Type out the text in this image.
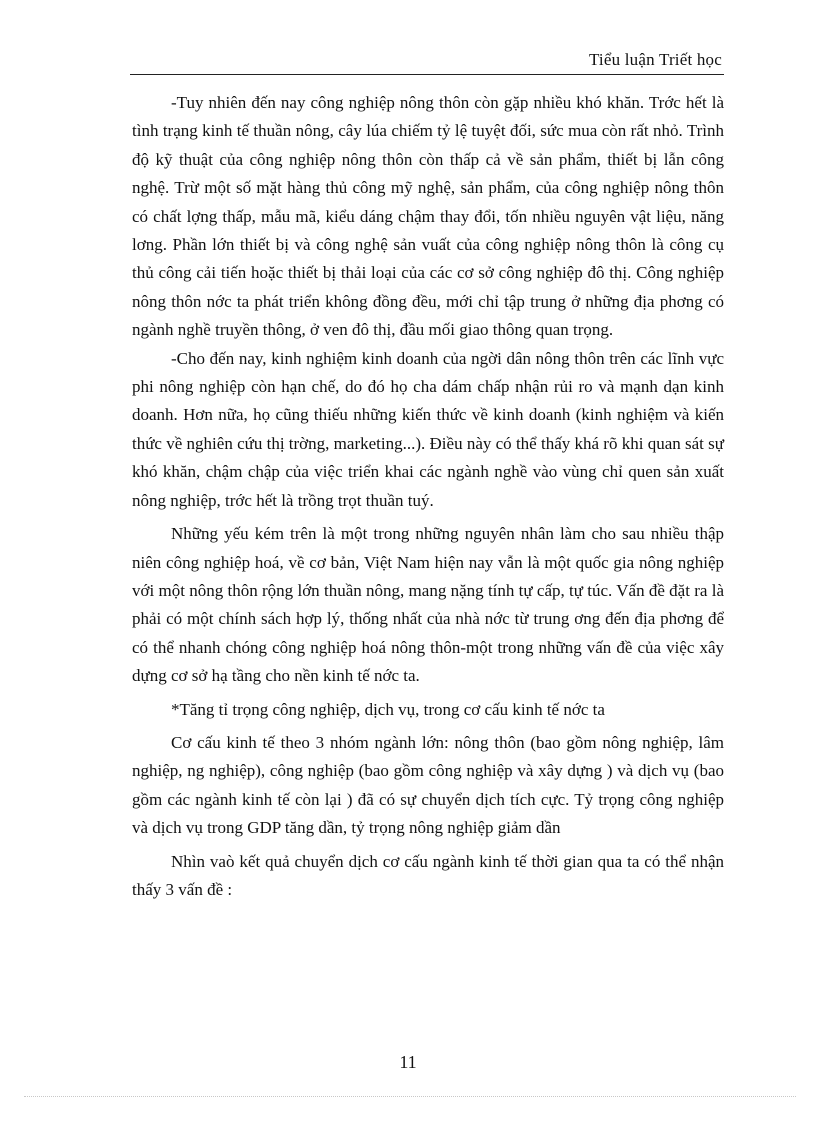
Tiểu luận Triết học

-Tuy nhiên đến nay công nghiệp nông thôn còn gặp nhiều khó khăn. Trớc hết là tình trạng kinh tế thuần nông, cây lúa chiếm tỷ lệ tuyệt đối, sức mua còn rất nhỏ. Trình độ kỹ thuật của công nghiệp nông thôn còn thấp cả về sản phẩm, thiết bị lẫn công nghệ. Trừ một số mặt hàng thủ công mỹ nghệ, sản phẩm, của công nghiệp nông thôn có chất lợng thấp, mẫu mã, kiểu dáng chậm thay đổi, tốn nhiều nguyên vật liệu, năng lơng. Phần lớn thiết bị và công nghệ sản vuất của công nghiệp nông thôn là công cụ thủ công cải tiến hoặc thiết bị thải loại của các cơ sở công nghiệp đô thị. Công nghiệp nông thôn nớc ta phát triển không đồng đều, mới chỉ tập trung ở những địa phơng có ngành nghề truyền thông, ở ven đô thị, đầu mối giao thông quan trọng.

-Cho đến nay, kinh nghiệm kinh doanh của ngời dân nông thôn trên các lĩnh vực phi nông nghiệp còn hạn chế, do đó họ cha dám chấp nhận rủi ro và mạnh dạn kinh doanh. Hơn nữa, họ cũng thiếu những kiến thức về kinh doanh (kinh nghiệm và kiến thức về nghiên cứu thị trờng, marketing...). Điều này có thể thấy khá rõ khi quan sát sự khó khăn, chậm chập của việc triển khai các ngành nghề vào vùng chỉ quen sản xuất nông nghiệp, trớc hết là trồng trọt thuần tuý.

Những yếu kém trên là một trong những nguyên nhân làm cho sau nhiều thập niên công nghiệp hoá, về cơ bản, Việt Nam hiện nay vẫn là một quốc gia nông nghiệp với một nông thôn rộng lớn thuần nông, mang nặng tính tự cấp, tự túc. Vấn đề đặt ra là phải có một chính sách hợp lý, thống nhất của nhà nớc từ trung ơng đến địa phơng để có thể nhanh chóng công nghiệp hoá nông thôn-một trong những vấn đề của việc xây dựng cơ sở hạ tầng cho nền kinh tế nớc ta.

*Tăng tỉ trọng công nghiệp, dịch vụ, trong cơ cấu kinh tế nớc ta

Cơ cấu kinh tế theo 3 nhóm ngành lớn: nông thôn (bao gồm nông nghiệp, lâm nghiệp, ng nghiệp), công nghiệp (bao gồm công nghiệp và xây dựng ) và dịch vụ (bao gồm các ngành kinh tế còn lại ) đã có sự chuyển dịch tích cực. Tỷ trọng công nghiệp và dịch vụ trong GDP tăng dần, tỷ trọng nông nghiệp giảm dần

Nhìn vaò kết quả chuyển dịch cơ cấu ngành kinh tế thời gian qua ta có thể nhận thấy 3 vấn đề :

11
